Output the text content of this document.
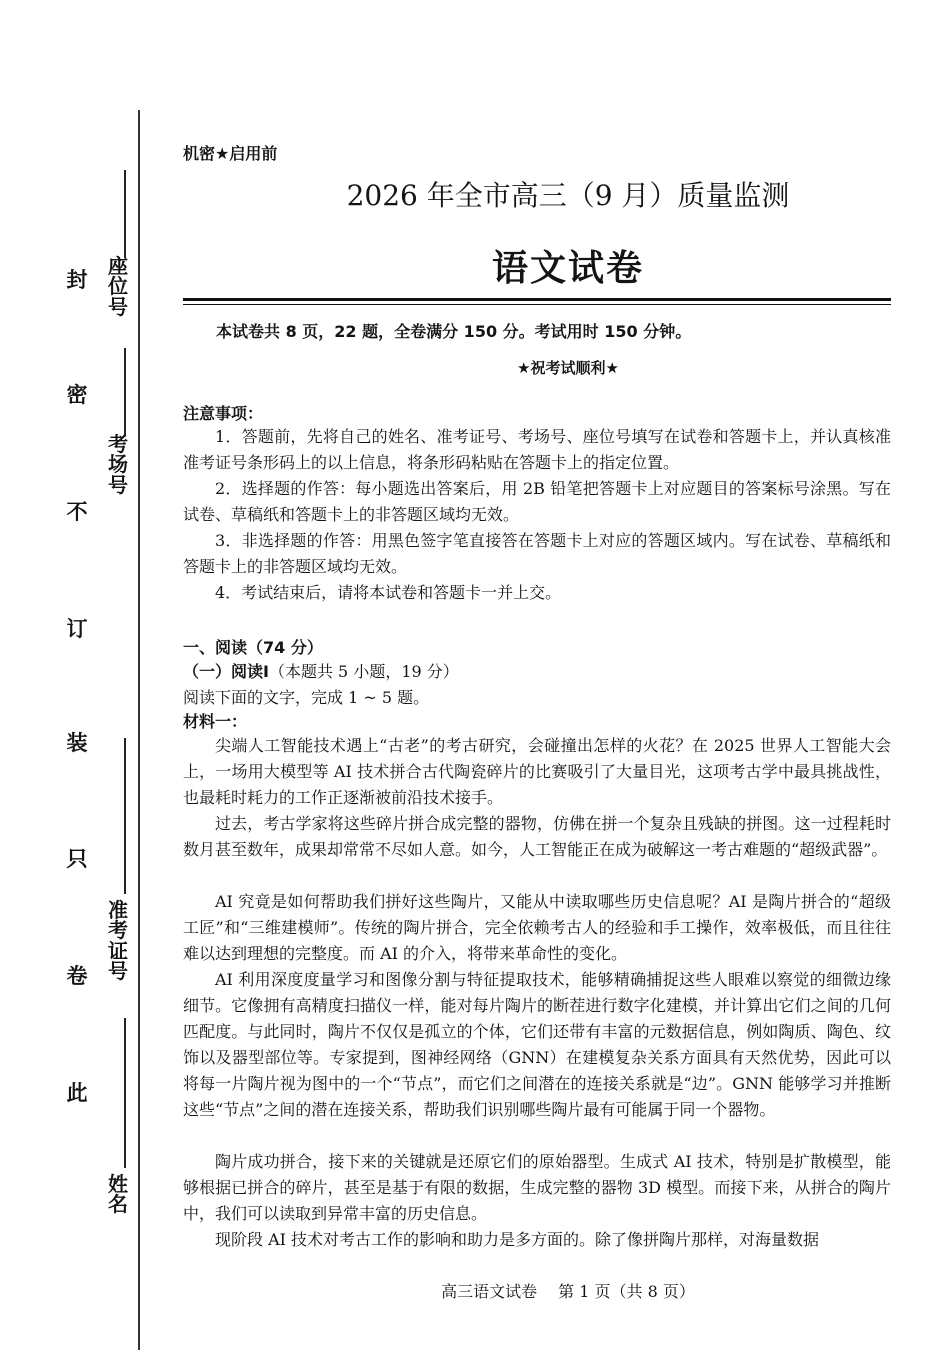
封
密
不
订
装
只
卷
此
座位号
考场号
准考证号
姓名
机密★启用前
2026 年全市高三（9 月）质量监测
语文试卷
本试卷共 8 页，22 题，全卷满分 150 分。考试用时 150 分钟。
★祝考试顺利★
注意事项：

1．答题前，先将自己的姓名、准考证号、考场号、座位号填写在试卷和答题卡上，并认真核准准考证号条形码上的以上信息，将条形码粘贴在答题卡上的指定位置。

2．选择题的作答：每小题选出答案后，用 2B 铅笔把答题卡上对应题目的答案标号涂黑。写在试卷、草稿纸和答题卡上的非答题区域均无效。

3．非选择题的作答：用黑色签字笔直接答在答题卡上对应的答题区域内。写在试卷、草稿纸和答题卡上的非答题区域均无效。

4．考试结束后，请将本试卷和答题卡一并上交。

一、阅读（74 分）
（一）阅读Ⅰ（本题共 5 小题，19 分）
阅读下面的文字，完成 1 ~ 5 题。
材料一：

尖端人工智能技术遇上“古老”的考古研究，会碰撞出怎样的火花？在 2025 世界人工智能大会上，一场用大模型等 AI 技术拼合古代陶瓷碎片的比赛吸引了大量目光，这项考古学中最具挑战性，也最耗时耗力的工作正逐渐被前沿技术接手。

过去，考古学家将这些碎片拼合成完整的器物，仿佛在拼一个复杂且残缺的拼图。这一过程耗时数月甚至数年，成果却常常不尽如人意。如今，人工智能正在成为破解这一考古难题的“超级武器”。

AI 究竟是如何帮助我们拼好这些陶片，又能从中读取哪些历史信息呢？AI 是陶片拼合的“超级工匠”和“三维建模师”。传统的陶片拼合，完全依赖考古人的经验和手工操作，效率极低，而且往往难以达到理想的完整度。而 AI 的介入，将带来革命性的变化。

AI 利用深度度量学习和图像分割与特征提取技术，能够精确捕捉这些人眼难以察觉的细微边缘细节。它像拥有高精度扫描仪一样，能对每片陶片的断茬进行数字化建模，并计算出它们之间的几何匹配度。与此同时，陶片不仅仅是孤立的个体，它们还带有丰富的元数据信息，例如陶质、陶色、纹饰以及器型部位等。专家提到，图神经网络（GNN）在建模复杂关系方面具有天然优势，因此可以将每一片陶片视为图中的一个“节点”，而它们之间潜在的连接关系就是“边”。GNN 能够学习并推断这些“节点”之间的潜在连接关系，帮助我们识别哪些陶片最有可能属于同一个器物。

陶片成功拼合，接下来的关键就是还原它们的原始器型。生成式 AI 技术，特别是扩散模型，能够根据已拼合的碎片，甚至是基于有限的数据，生成完整的器物 3D 模型。而接下来，从拼合的陶片中，我们可以读取到异常丰富的历史信息。

现阶段 AI 技术对考古工作的影响和助力是多方面的。除了像拼陶片那样，对海量数据

高三语文试卷　 第 1 页（共 8 页）
